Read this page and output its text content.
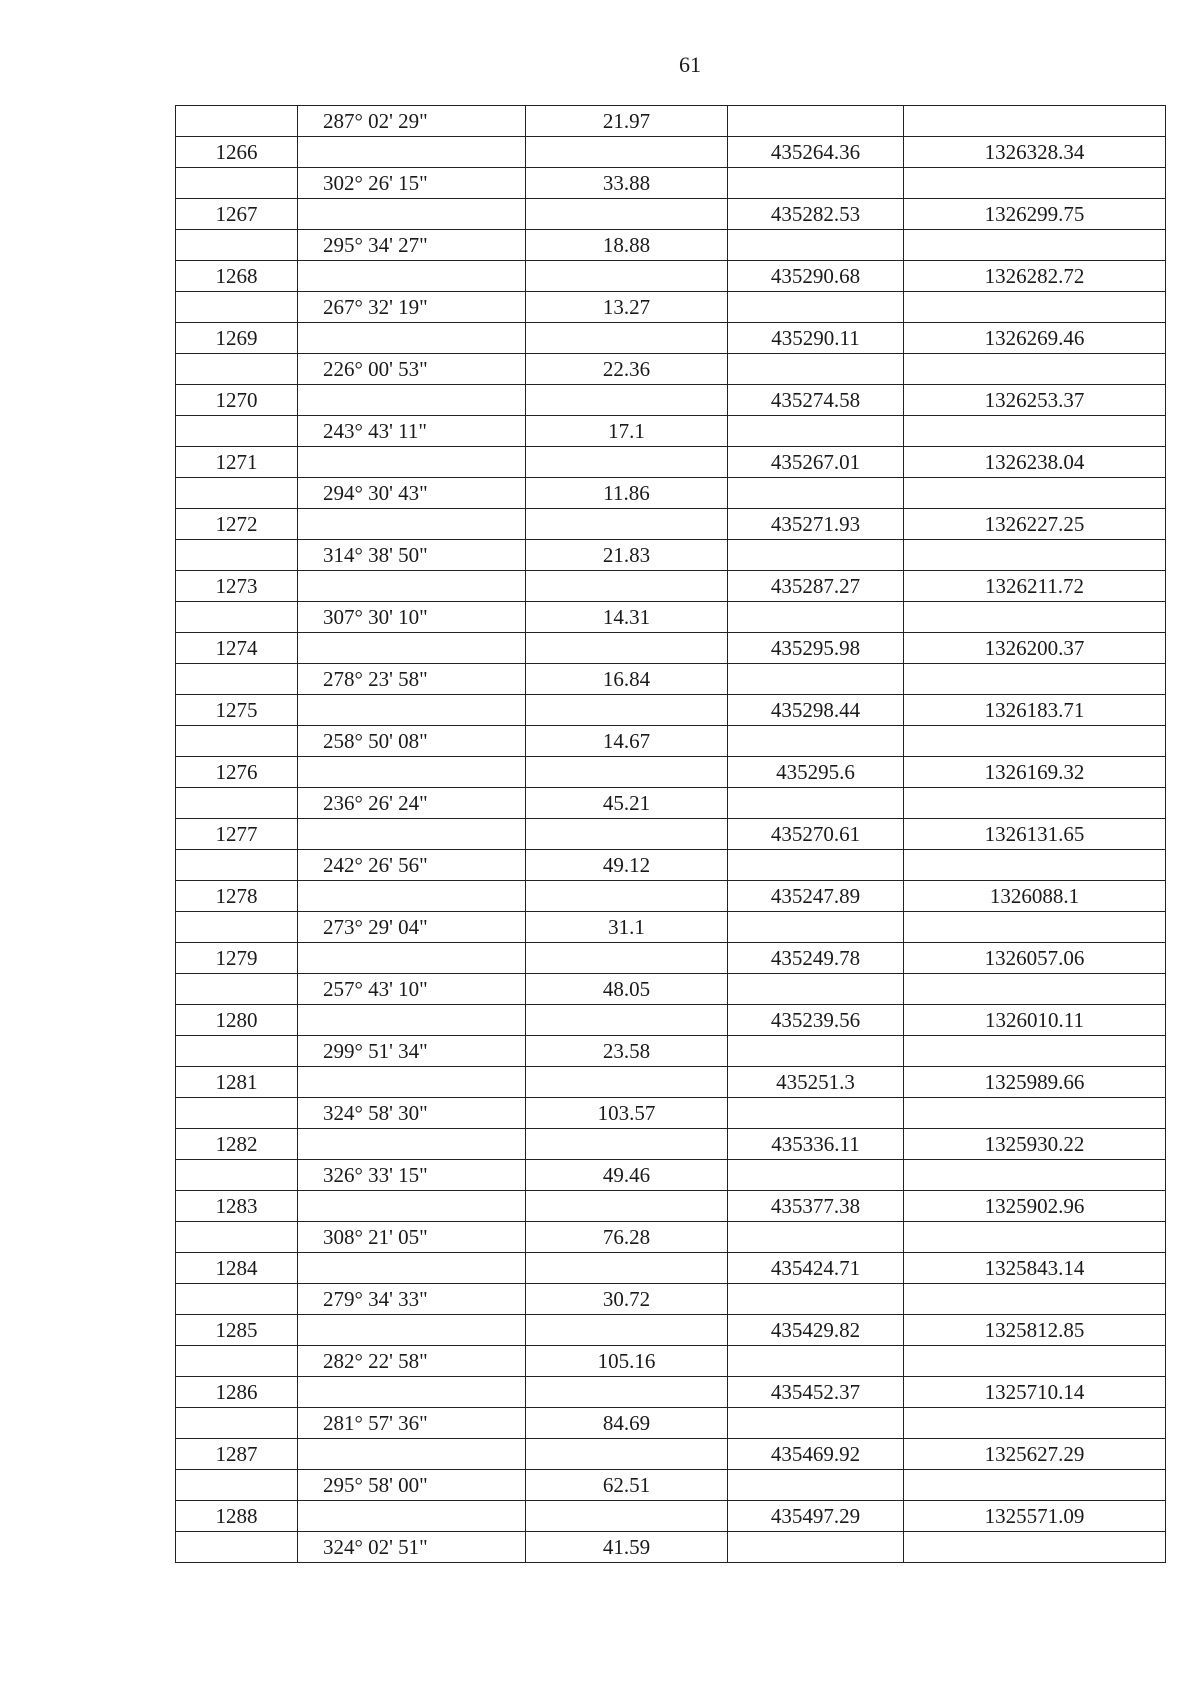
61
	287° 02' 29"	21.97		
1266			435264.36	1326328.34
	302° 26' 15"	33.88		
1267			435282.53	1326299.75
	295° 34' 27"	18.88		
1268			435290.68	1326282.72
	267° 32' 19"	13.27		
1269			435290.11	1326269.46
	226° 00' 53"	22.36		
1270			435274.58	1326253.37
	243° 43' 11"	17.1		
1271			435267.01	1326238.04
	294° 30' 43"	11.86		
1272			435271.93	1326227.25
	314° 38' 50"	21.83		
1273			435287.27	1326211.72
	307° 30' 10"	14.31		
1274			435295.98	1326200.37
	278° 23' 58"	16.84		
1275			435298.44	1326183.71
	258° 50' 08"	14.67		
1276			435295.6	1326169.32
	236° 26' 24"	45.21		
1277			435270.61	1326131.65
	242° 26' 56"	49.12		
1278			435247.89	1326088.1
	273° 29' 04"	31.1		
1279			435249.78	1326057.06
	257° 43' 10"	48.05		
1280			435239.56	1326010.11
	299° 51' 34"	23.58		
1281			435251.3	1325989.66
	324° 58' 30"	103.57		
1282			435336.11	1325930.22
	326° 33' 15"	49.46		
1283			435377.38	1325902.96
	308° 21' 05"	76.28		
1284			435424.71	1325843.14
	279° 34' 33"	30.72		
1285			435429.82	1325812.85
	282° 22' 58"	105.16		
1286			435452.37	1325710.14
	281° 57' 36"	84.69		
1287			435469.92	1325627.29
	295° 58' 00"	62.51		
1288			435497.29	1325571.09
	324° 02' 51"	41.59		
